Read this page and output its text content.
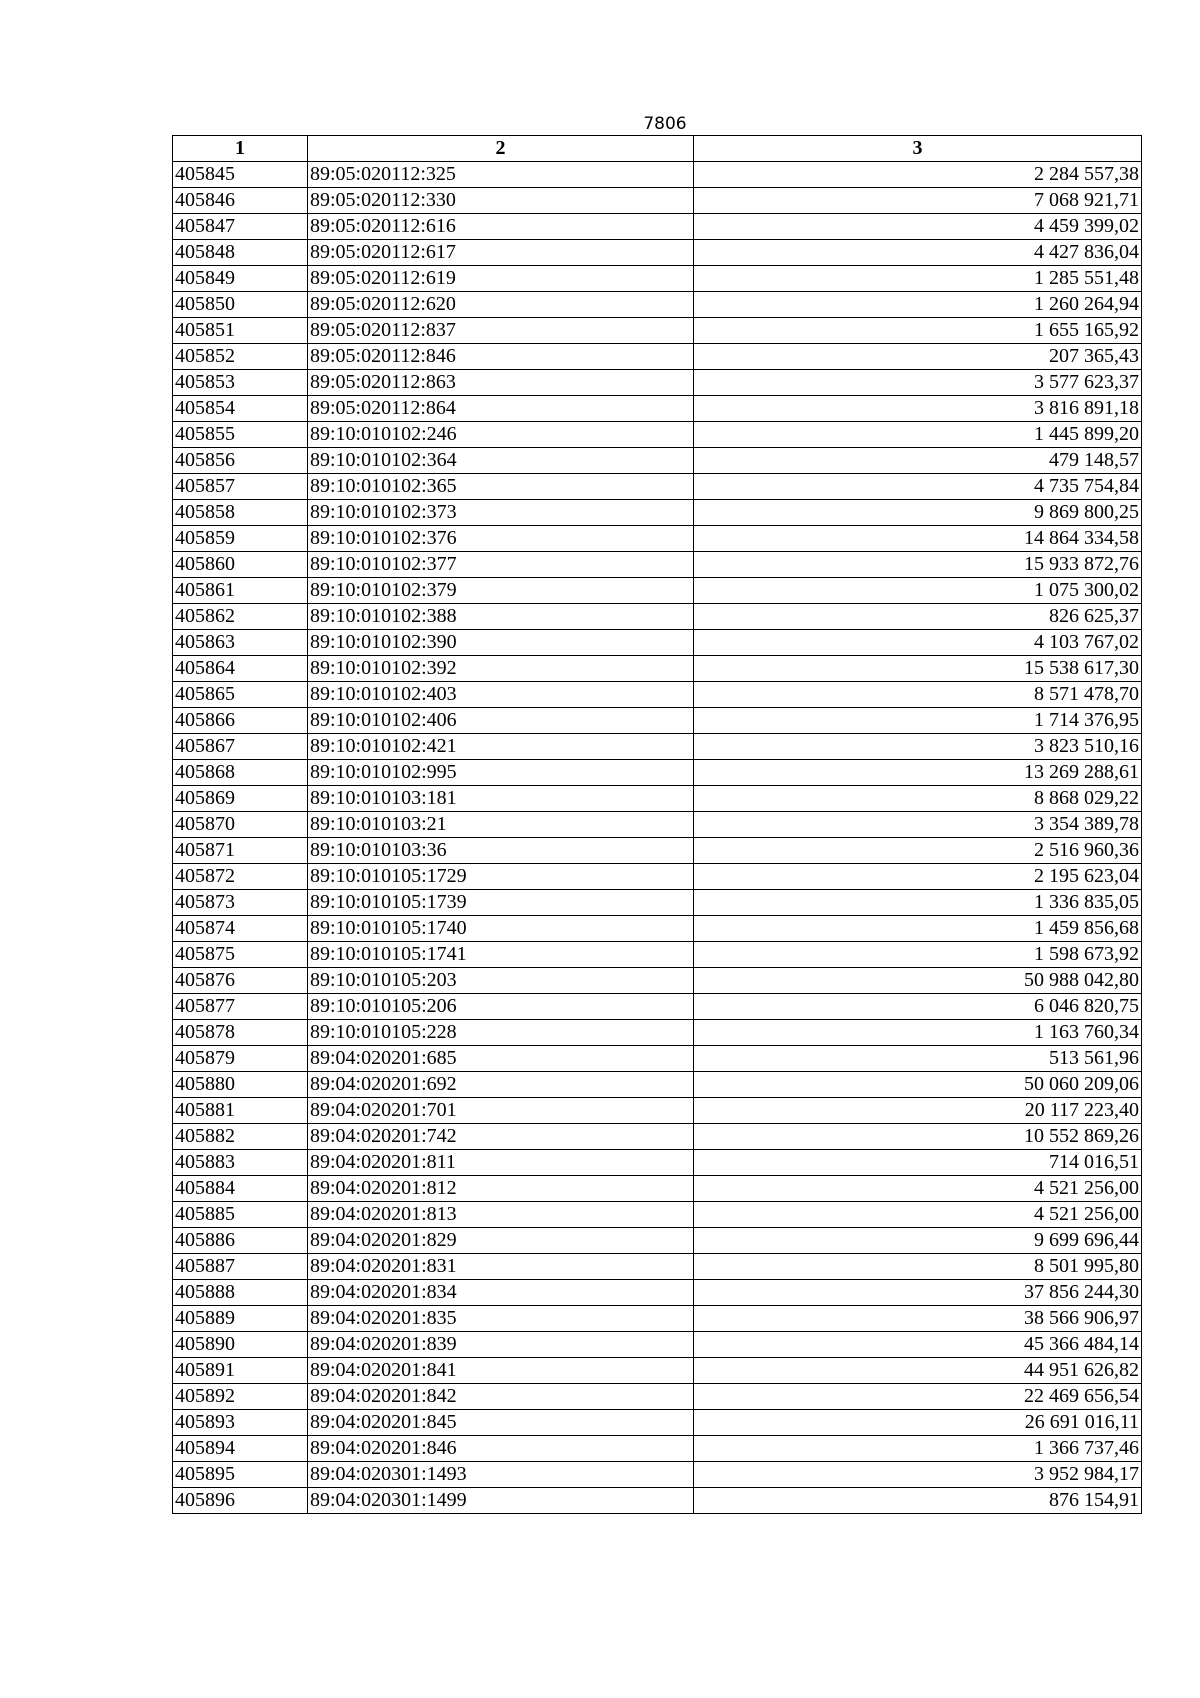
7806
1	2	3
405845	89:05:020112:325	2 284 557,38
405846	89:05:020112:330	7 068 921,71
405847	89:05:020112:616	4 459 399,02
405848	89:05:020112:617	4 427 836,04
405849	89:05:020112:619	1 285 551,48
405850	89:05:020112:620	1 260 264,94
405851	89:05:020112:837	1 655 165,92
405852	89:05:020112:846	207 365,43
405853	89:05:020112:863	3 577 623,37
405854	89:05:020112:864	3 816 891,18
405855	89:10:010102:246	1 445 899,20
405856	89:10:010102:364	479 148,57
405857	89:10:010102:365	4 735 754,84
405858	89:10:010102:373	9 869 800,25
405859	89:10:010102:376	14 864 334,58
405860	89:10:010102:377	15 933 872,76
405861	89:10:010102:379	1 075 300,02
405862	89:10:010102:388	826 625,37
405863	89:10:010102:390	4 103 767,02
405864	89:10:010102:392	15 538 617,30
405865	89:10:010102:403	8 571 478,70
405866	89:10:010102:406	1 714 376,95
405867	89:10:010102:421	3 823 510,16
405868	89:10:010102:995	13 269 288,61
405869	89:10:010103:181	8 868 029,22
405870	89:10:010103:21	3 354 389,78
405871	89:10:010103:36	2 516 960,36
405872	89:10:010105:1729	2 195 623,04
405873	89:10:010105:1739	1 336 835,05
405874	89:10:010105:1740	1 459 856,68
405875	89:10:010105:1741	1 598 673,92
405876	89:10:010105:203	50 988 042,80
405877	89:10:010105:206	6 046 820,75
405878	89:10:010105:228	1 163 760,34
405879	89:04:020201:685	513 561,96
405880	89:04:020201:692	50 060 209,06
405881	89:04:020201:701	20 117 223,40
405882	89:04:020201:742	10 552 869,26
405883	89:04:020201:811	714 016,51
405884	89:04:020201:812	4 521 256,00
405885	89:04:020201:813	4 521 256,00
405886	89:04:020201:829	9 699 696,44
405887	89:04:020201:831	8 501 995,80
405888	89:04:020201:834	37 856 244,30
405889	89:04:020201:835	38 566 906,97
405890	89:04:020201:839	45 366 484,14
405891	89:04:020201:841	44 951 626,82
405892	89:04:020201:842	22 469 656,54
405893	89:04:020201:845	26 691 016,11
405894	89:04:020201:846	1 366 737,46
405895	89:04:020301:1493	3 952 984,17
405896	89:04:020301:1499	876 154,91
